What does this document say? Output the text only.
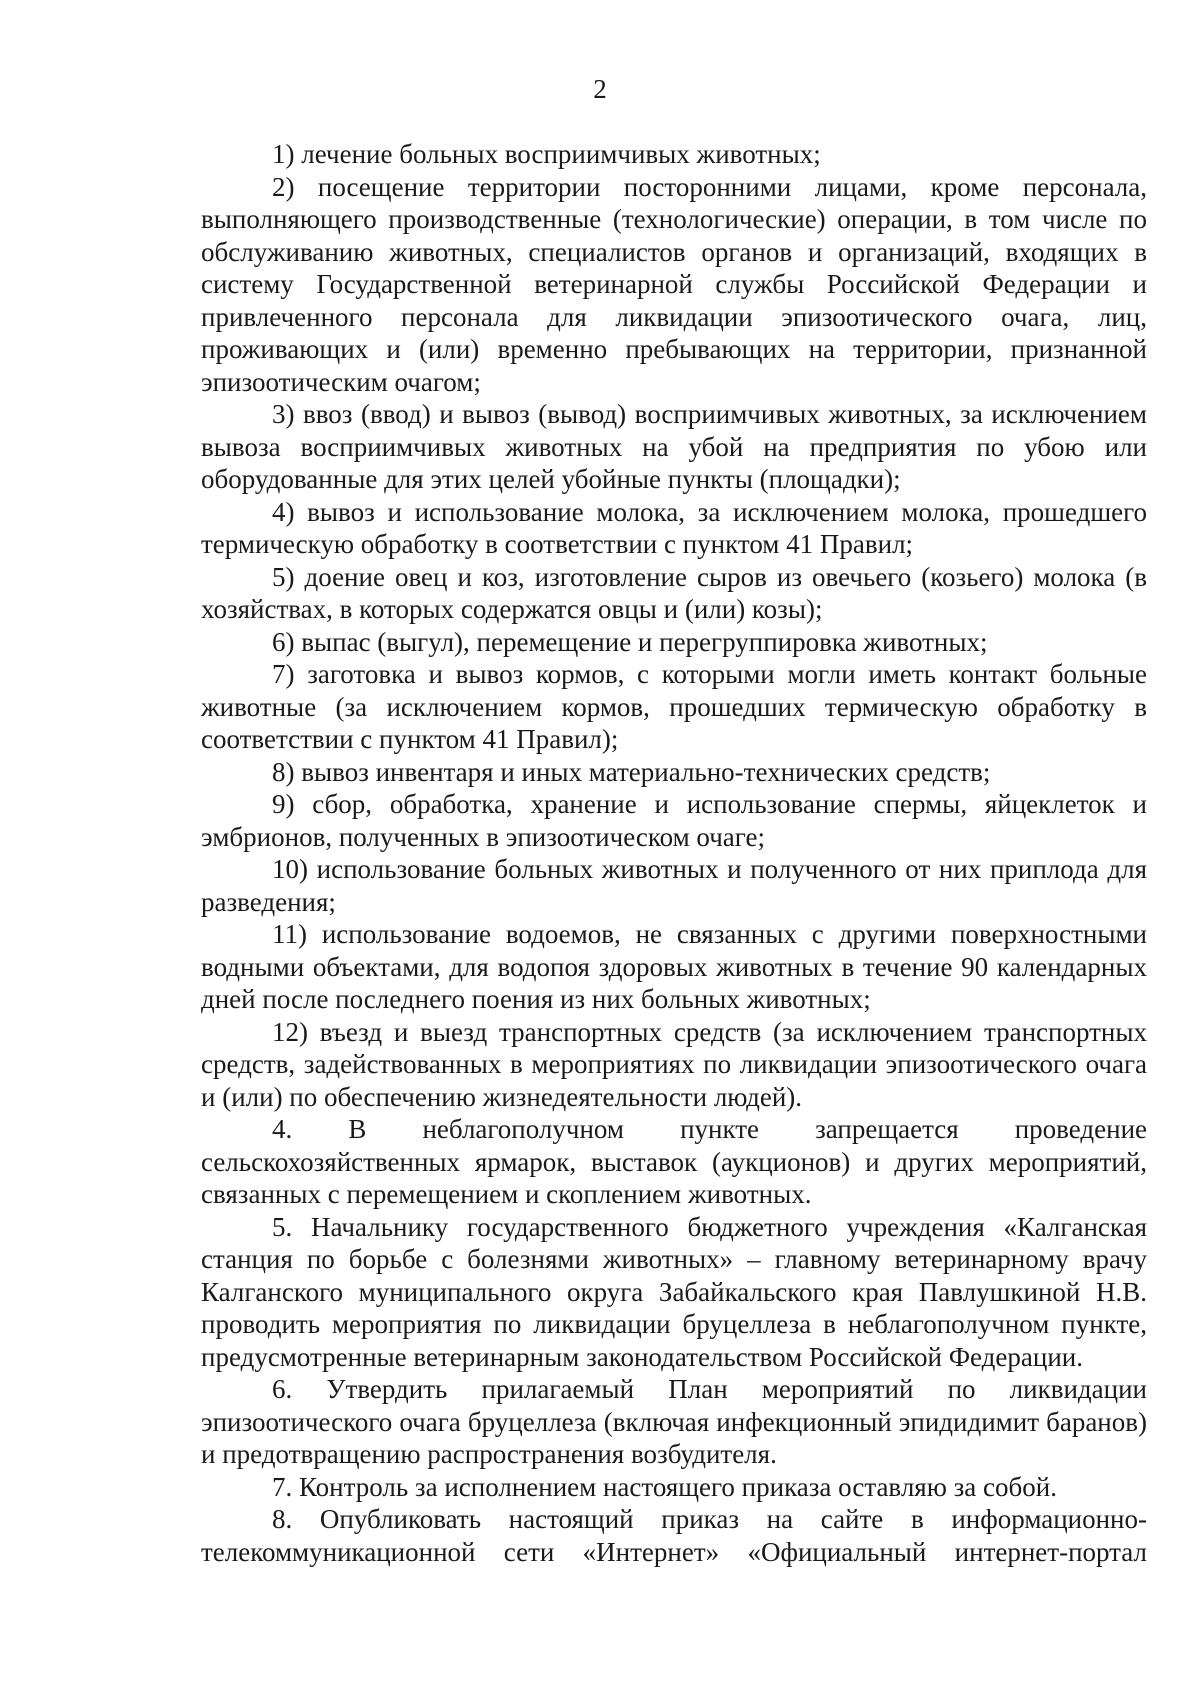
2

1) лечение больных восприимчивых животных;

2) посещение территории посторонними лицами, кроме персонала, выполняющего производственные (технологические) операции, в том числе по обслуживанию животных, специалистов органов и организаций, входящих в систему Государственной ветеринарной службы Российской Федерации и привлеченного персонала для ликвидации эпизоотического очага, лиц, проживающих и (или) временно пребывающих на территории, признанной эпизоотическим очагом;

3) ввоз (ввод) и вывоз (вывод) восприимчивых животных, за исключением вывоза восприимчивых животных на убой на предприятия по убою или оборудованные для этих целей убойные пункты (площадки);

4) вывоз и использование молока, за исключением молока, прошедшего термическую обработку в соответствии с пунктом 41 Правил;

5) доение овец и коз, изготовление сыров из овечьего (козьего) молока (в хозяйствах, в которых содержатся овцы и (или) козы);

6) выпас (выгул), перемещение и перегруппировка животных;

7) заготовка и вывоз кормов, с которыми могли иметь контакт больные животные (за исключением кормов, прошедших термическую обработку в соответствии с пунктом 41 Правил);

8) вывоз инвентаря и иных материально-технических средств;

9) сбор, обработка, хранение и использование спермы, яйцеклеток и эмбрионов, полученных в эпизоотическом очаге;

10) использование больных животных и полученного от них приплода для разведения;

11) использование водоемов, не связанных с другими поверхностными водными объектами, для водопоя здоровых животных в течение 90 календарных дней после последнего поения из них больных животных;

12) въезд и выезд транспортных средств (за исключением транспортных средств, задействованных в мероприятиях по ликвидации эпизоотического очага и (или) по обеспечению жизнедеятельности людей).

4. В неблагополучном пункте запрещается проведение сельскохозяйственных ярмарок, выставок (аукционов) и других мероприятий, связанных с перемещением и скоплением животных.

5. Начальнику государственного бюджетного учреждения «Калганская станция по борьбе с болезнями животных» – главному ветеринарному врачу Калганского муниципального округа Забайкальского края Павлушкиной Н.В. проводить мероприятия по ликвидации бруцеллеза в неблагополучном пункте, предусмотренные ветеринарным законодательством Российской Федерации.

6. Утвердить прилагаемый План мероприятий по ликвидации эпизоотического очага бруцеллеза (включая инфекционный эпидидимит баранов) и предотвращению распространения возбудителя.

7. Контроль за исполнением настоящего приказа оставляю за собой.

8. Опубликовать настоящий приказ на сайте в информационно-телекоммуникационной сети «Интернет» «Официальный интернет-портал
